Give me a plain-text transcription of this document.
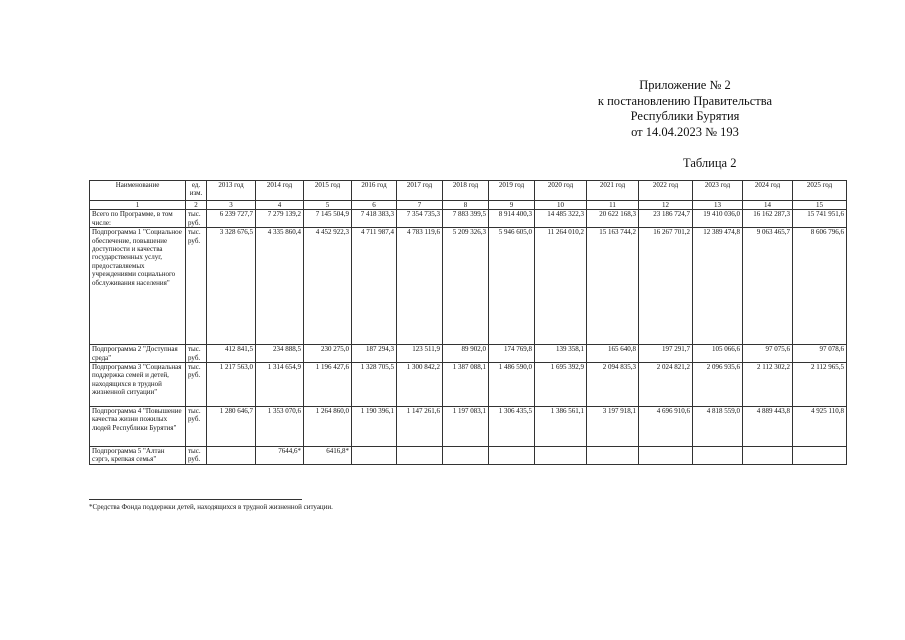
Приложение № 2
к постановлению Правительства
Республики Бурятия
от 14.04.2023 № 193
Таблица 2
Наименование	ед. изм.	2013 год	2014 год	2015 год	2016 год	2017 год	2018 год	2019 год	2020 год	2021 год	2022 год	2023 год	2024 год	2025 год
1	2	3	4	5	6	7	8	9	10	11	12	13	14	15
Всего по Программе, в том числе:	тыс. руб.	6 239 727,7	7 279 139,2	7 145 504,9	7 418 383,3	7 354 735,3	7 883 399,5	8 914 400,3	14 485 322,3	20 622 168,3	23 186 724,7	19 410 036,0	16 162 287,3	15 741 951,6
Подпрограмма 1 "Социальное обеспечение, повышение доступности и качества государственных услуг, предоставляемых учреждениями социального обслуживания населения"	тыс. руб.	3 328 676,5	4 335 860,4	4 452 922,3	4 711 987,4	4 783 119,6	5 209 326,3	5 946 605,0	11 264 010,2	15 163 744,2	16 267 701,2	12 389 474,8	9 063 465,7	8 606 796,6
Подпрограмма 2 "Доступная среда"	тыс. руб.	412 841,5	234 888,5	230 275,0	187 294,3	123 511,9	89 902,0	174 769,8	139 358,1	165 640,8	197 291,7	105 066,6	97 075,6	97 078,6
Подпрограмма 3 "Социальная поддержка семей и детей, находящихся в трудной жизненной ситуации"	тыс. руб.	1 217 563,0	1 314 654,9	1 196 427,6	1 328 705,5	1 300 842,2	1 387 088,1	1 486 590,0	1 695 392,9	2 094 835,3	2 024 821,2	2 096 935,6	2 112 302,2	2 112 965,5
Подпрограмма 4 "Повышение качества жизни пожилых людей Республики Бурятия"	тыс. руб.	1 280 646,7	1 353 070,6	1 264 860,0	1 190 396,1	1 147 261,6	1 197 083,1	1 306 435,5	1 386 561,1	3 197 918,1	4 696 910,6	4 818 559,0	4 889 443,8	4 925 110,8
Подпрограмма 5 "Алтан сэргэ, крепкая семья"	тыс. руб.		7644,6*	6416,8*										
*Средства Фонда поддержки детей, находящихся в трудной жизненной ситуации.
